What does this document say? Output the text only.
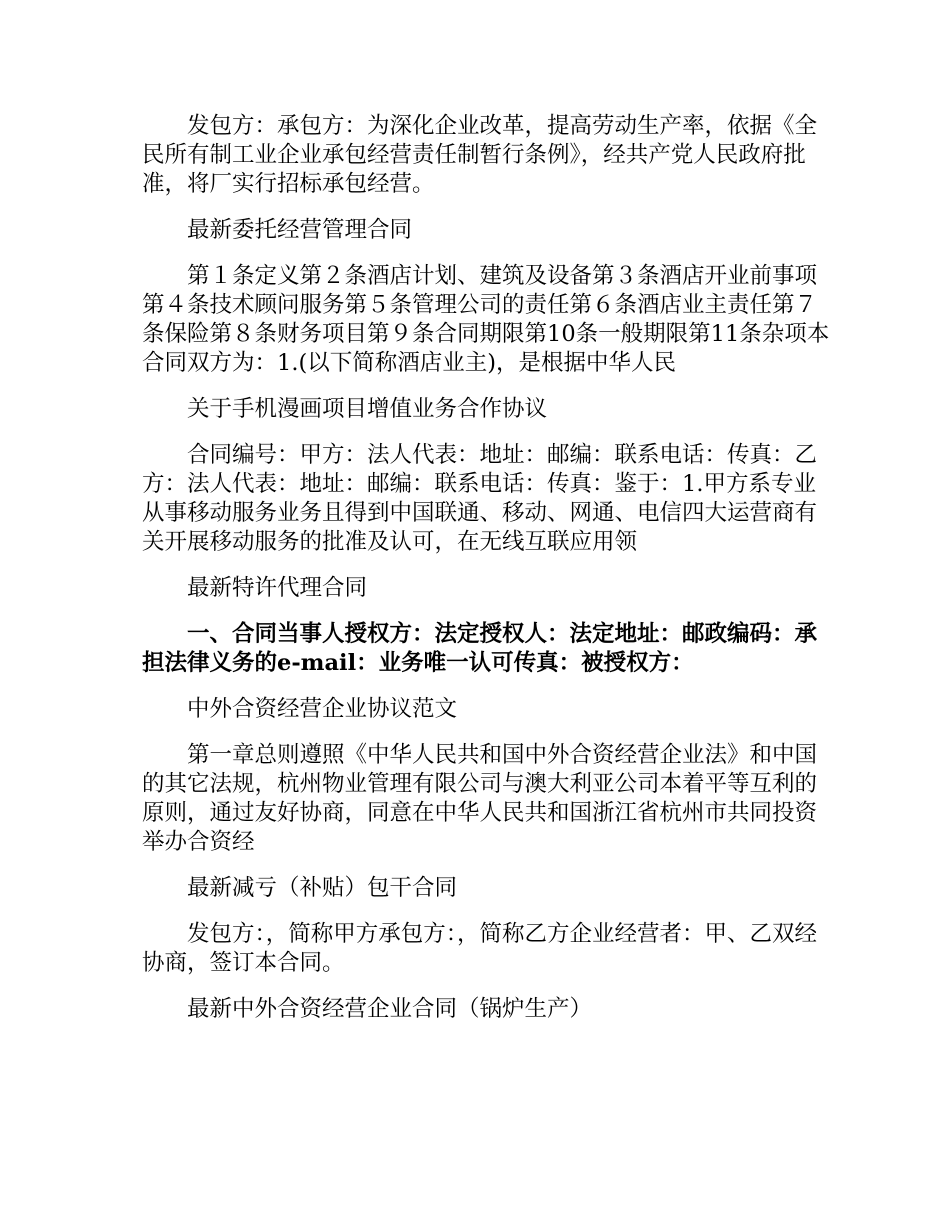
发包方：承包方：为深化企业改革，提高劳动生产率，依据《全民所有制工业企业承包经营责任制暂行条例》，经共产党人民政府批准，将厂实行招标承包经营。

最新委托经营管理合同

第１条定义第２条酒店计划、建筑及设备第３条酒店开业前事项第４条技术顾问服务第５条管理公司的责任第６条酒店业主责任第７条保险第８条财务项目第９条合同期限第10条一般期限第11条杂项本合同双方为：1.(以下简称酒店业主)，是根据中华人民

关于手机漫画项目增值业务合作协议

合同编号：甲方：法人代表：地址：邮编：联系电话：传真：乙方：法人代表：地址：邮编：联系电话：传真：鉴于：1.甲方系专业从事移动服务业务且得到中国联通、移动、网通、电信四大运营商有关开展移动服务的批准及认可，在无线互联应用领

最新特许代理合同

一、合同当事人授权方：法定授权人：法定地址：邮政编码：承担法律义务的e-mail：业务唯一认可传真：被授权方：

中外合资经营企业协议范文

第一章总则遵照《中华人民共和国中外合资经营企业法》和中国的其它法规，杭州物业管理有限公司与澳大利亚公司本着平等互利的原则，通过友好协商，同意在中华人民共和国浙江省杭州市共同投资举办合资经

最新减亏（补贴）包干合同

发包方：，简称甲方承包方：，简称乙方企业经营者：甲、乙双经协商，签订本合同。

最新中外合资经营企业合同（锅炉生产）
